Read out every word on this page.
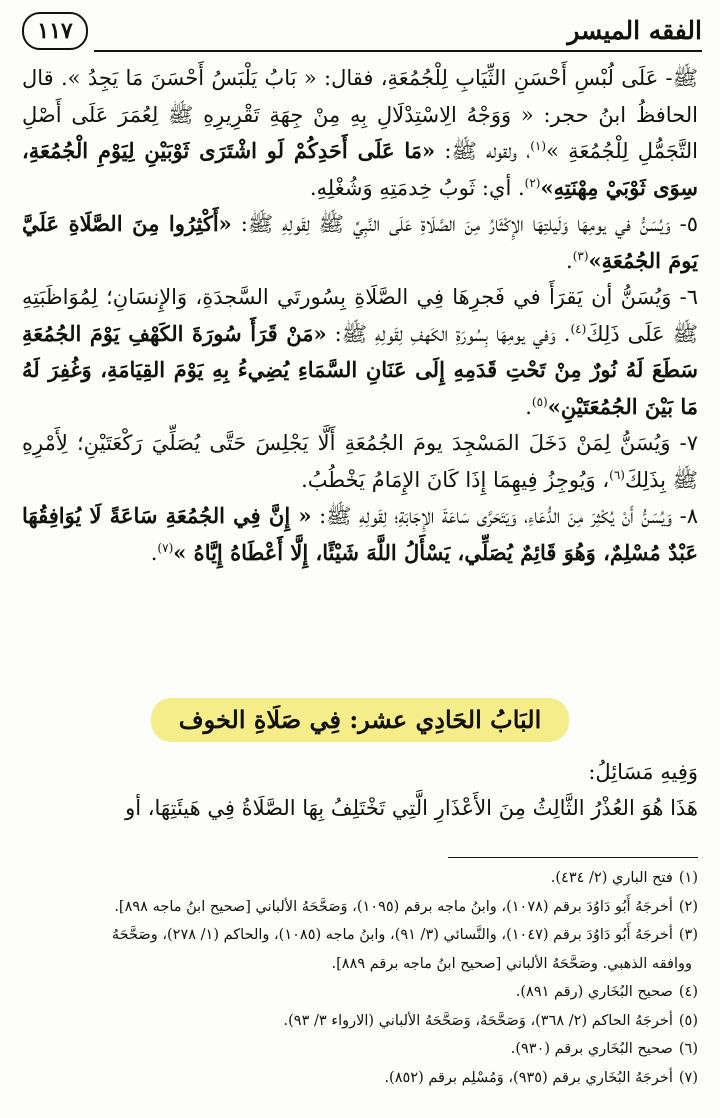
الفقه الميسر
١١٧

ﷺ- عَلَى لُبْسِ أَحْسَنِ الثِّيَابِ لِلْجُمُعَةِ، فقال: « بَابُ يَلْبَسُ أَحْسَنَ مَا يَجِدُ ». قال الحافظُ ابنُ حجر: « وَوَجْهُ الِاسْتِدْلَالِ بِهِ مِنْ جِهَةِ تَقْرِيرِهِ ﷺ لِعُمَرَ عَلَى أَصْلِ التَّجَمُّلِ لِلْجُمُعَةِ »$^{(١)}$، ولقوله ﷺ: «مَا عَلَى أَحَدِكُمْ لَو اشْتَرَى ثَوْبَيْنِ لِيَوْمِ الْجُمُعَةِ، سِوَى ثَوْبَيْ مِهْنَتِهِ»$^{(٢)}$. أي: ثَوبُ خِدمَتِهِ وَشُغْلِهِ.

٥- وَيُسَنُّ في يومِهَا وَلَيلتِهَا الإِكْثَارُ مِنَ الصَّلَاةِ عَلَى النَّبِيِّ ﷺ لِقَولِهِ ﷺ: «أَكْثِرُوا مِنَ الصَّلَاةِ عَلَيَّ يَومَ الجُمُعَةِ»$^{(٣)}$.

٦- وَيُسَنُّ أن يَقرَأَ في فَجرِهَا فِي الصَّلَاةِ بِسُورتَي السَّجدَةِ، وَالإِنسَانِ؛ لِمُوَاظَبَتِهِ ﷺ عَلَى ذَلِكَ$^{(٤)}$. وَفي يومِهَا بِسُورَةِ الكَهفِ لِقَولِهِ ﷺ: «مَنْ قَرَأَ سُورَةَ الكَهْفِ يَوْمَ الجُمُعَةِ سَطَعَ لَهُ نُورٌ مِنْ تَحْتِ قَدَمِهِ إِلَى عَنَانِ السَّمَاءِ يُضِيءُ بِهِ يَوْمَ القِيَامَةِ، وَغُفِرَ لَهُ مَا بَيْنَ الجُمُعَتَيْنِ»$^{(٥)}$.

٧- وَيُسَنُّ لِمَنْ دَخَلَ المَسْجِدَ يومَ الجُمُعَةِ أَلَّا يَجْلِسَ حَتَّى يُصَلِّيَ رَكْعَتَيْنِ؛ لِأَمْرِهِ ﷺ بِذَلِكَ$^{(٦)}$، وَيُوجِزُ فِيهِمَا إِذَا كَانَ الإِمَامُ يَخْطُبُ.

٨- وَيُسَنُّ أَنْ يُكْثِرَ مِنَ الدُّعَاءِ، وَيَتَحَرَّى سَاعَةَ الإِجَابَةِ؛ لِقَولِهِ ﷺ: « إِنَّ فِي الجُمُعَةِ سَاعَةً لَا يُوَافِقُهَا عَبْدٌ مُسْلِمٌ، وَهُوَ قَائِمٌ يُصَلِّي، يَسْأَلُ اللَّهَ شَيْئًا، إِلَّا أَعْطَاهُ إِيَّاهُ »$^{(٧)}$.

البَابُ الحَادِي عشر: فِي صَلَاةِ الخوف
وَفِيهِ مَسَائِلُ:
هَذَا هُوَ العُذْرُ الثَّالِثُ مِنَ الأَعْذَارِ الَّتِي تَخْتَلِفُ بِهَا الصَّلَاةُ فِي هَيئَتِهَا، أو
(١)فتح الباري (٢/ ٤٣٤).
(٢)أخرجَهُ أَبُو دَاوُدَ برقم (١٠٧٨)، وابنُ ماجه برقم (١٠٩٥)، وَصَحَّحَهُ الألباني [صحيح ابنُ ماجه ٨٩٨].
(٣)أخرجَهُ أَبُو دَاوُدَ برقم (١٠٤٧)، والنَّسائي (٣/ ٩١)، وابنُ ماجه (١٠٨٥)، والحاكم (١/ ٢٧٨)، وصَحَّحَهُ
ووافقه الذهبي. وصَحَّحَهُ الألباني [صحيح ابنُ ماجه برقم ٨٨٩].
(٤)صحيح البُخَاري (رقم ٨٩١).
(٥)أخرجَهُ الحاكم (٢/ ٣٦٨)، وَصَحَّحَهُ، وَصَحَّحَهُ الألباني (الارواء ٣/ ٩٣).
(٦)صحيح البُخَاري برقم (٩٣٠).
(٧)أخرجَهُ البُخَاري برقم (٩٣٥)، وَمُسْلِم برقم (٨٥٢).
